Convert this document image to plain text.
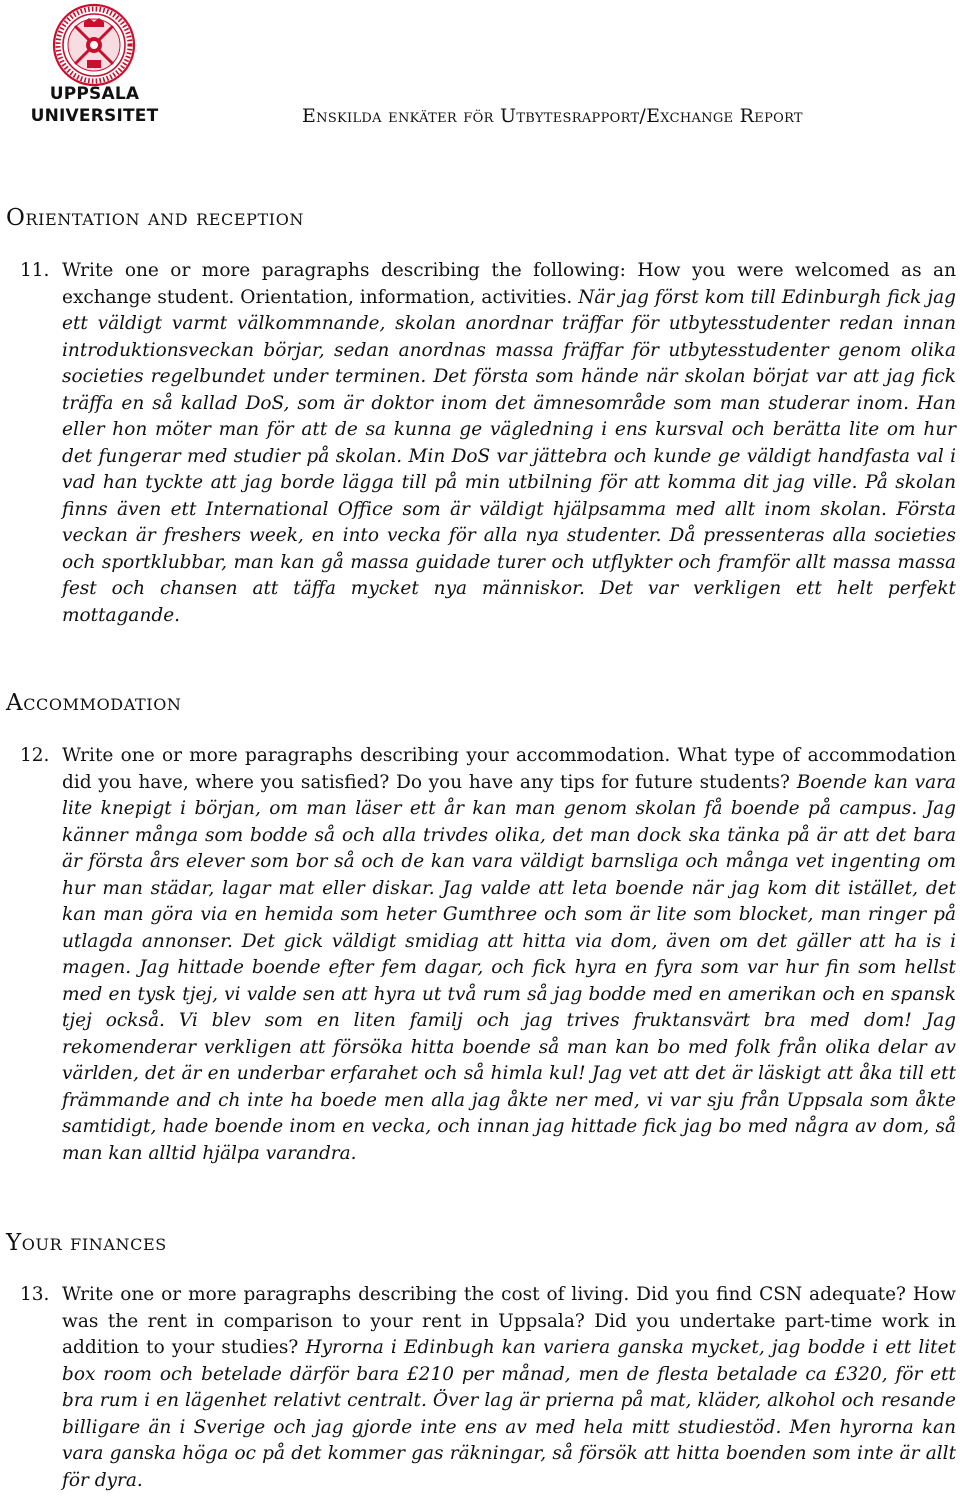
UPPSALA
UNIVERSITET	Enskilda enkäter för Utbytesrapport/Exchange Report
Orientation and reception
11. Write one or more paragraphs describing the following: How you were welcomed as an exchange student. Orientation, information, activities. När jag först kom till Edinburgh fick jag ett väldigt varmt välkommnande, skolan anordnar träffar för utbytesstudenter redan innan introduktionsveckan börjar, sedan anordnas massa fräffar för utbytesstudenter genom olika societies regelbundet under terminen. Det första som hände när skolan börjat var att jag fick träffa en så kallad DoS, som är doktor inom det ämnesområde som man studerar inom. Han eller hon möter man för att de sa kunna ge vägledning i ens kursval och berätta lite om hur det fungerar med studier på skolan. Min DoS var jättebra och kunde ge väldigt handfasta val i vad han tyckte att jag borde lägga till på min utbilning för att komma dit jag ville. På skolan finns även ett International Office som är väldigt hjälpsamma med allt inom skolan. Första veckan är freshers week, en into vecka för alla nya studenter. Då pressenteras alla societies och sportklubbar, man kan gå massa guidade turer och utflykter och framför allt massa massa fest och chansen att täffa mycket nya människor. Det var verkligen ett helt perfekt mottagande.
Accommodation
12. Write one or more paragraphs describing your accommodation. What type of accommodation did you have, where you satisfied? Do you have any tips for future students? Boende kan vara lite knepigt i början, om man läser ett år kan man genom skolan få boende på campus. Jag känner många som bodde så och alla trivdes olika, det man dock ska tänka på är att det bara är första års elever som bor så och de kan vara väldigt barnsliga och många vet ingenting om hur man städar, lagar mat eller diskar. Jag valde att leta boende när jag kom dit istället, det kan man göra via en hemida som heter Gumthree och som är lite som blocket, man ringer på utlagda annonser. Det gick väldigt smidiag att hitta via dom, även om det gäller att ha is i magen. Jag hittade boende efter fem dagar, och fick hyra en fyra som var hur fin som hellst med en tysk tjej, vi valde sen att hyra ut två rum så jag bodde med en amerikan och en spansk tjej också. Vi blev som en liten familj och jag trives fruktansvärt bra med dom! Jag rekomenderar verkligen att försöka hitta boende så man kan bo med folk från olika delar av världen, det är en underbar erfarahet och så himla kul! Jag vet att det är läskigt att åka till ett främmande and ch inte ha boede men alla jag åkte ner med, vi var sju från Uppsala som åkte samtidigt, hade boende inom en vecka, och innan jag hittade fick jag bo med några av dom, så man kan alltid hjälpa varandra.
Your finances
13. Write one or more paragraphs describing the cost of living. Did you find CSN adequate? How was the rent in comparison to your rent in Uppsala? Did you undertake part-time work in addition to your studies? Hyrorna i Edinbugh kan variera ganska mycket, jag bodde i ett litet box room och betelade därför bara £210 per månad, men de flesta betalade ca £320, för ett bra rum i en lägenhet relativt centralt. Över lag är prierna på mat, kläder, alkohol och resande billigare än i Sverige och jag gjorde inte ens av med hela mitt studiestöd. Men hyrorna kan vara ganska höga oc på det kommer gas räkningar, så försök att hitta boenden som inte är allt för dyra.
